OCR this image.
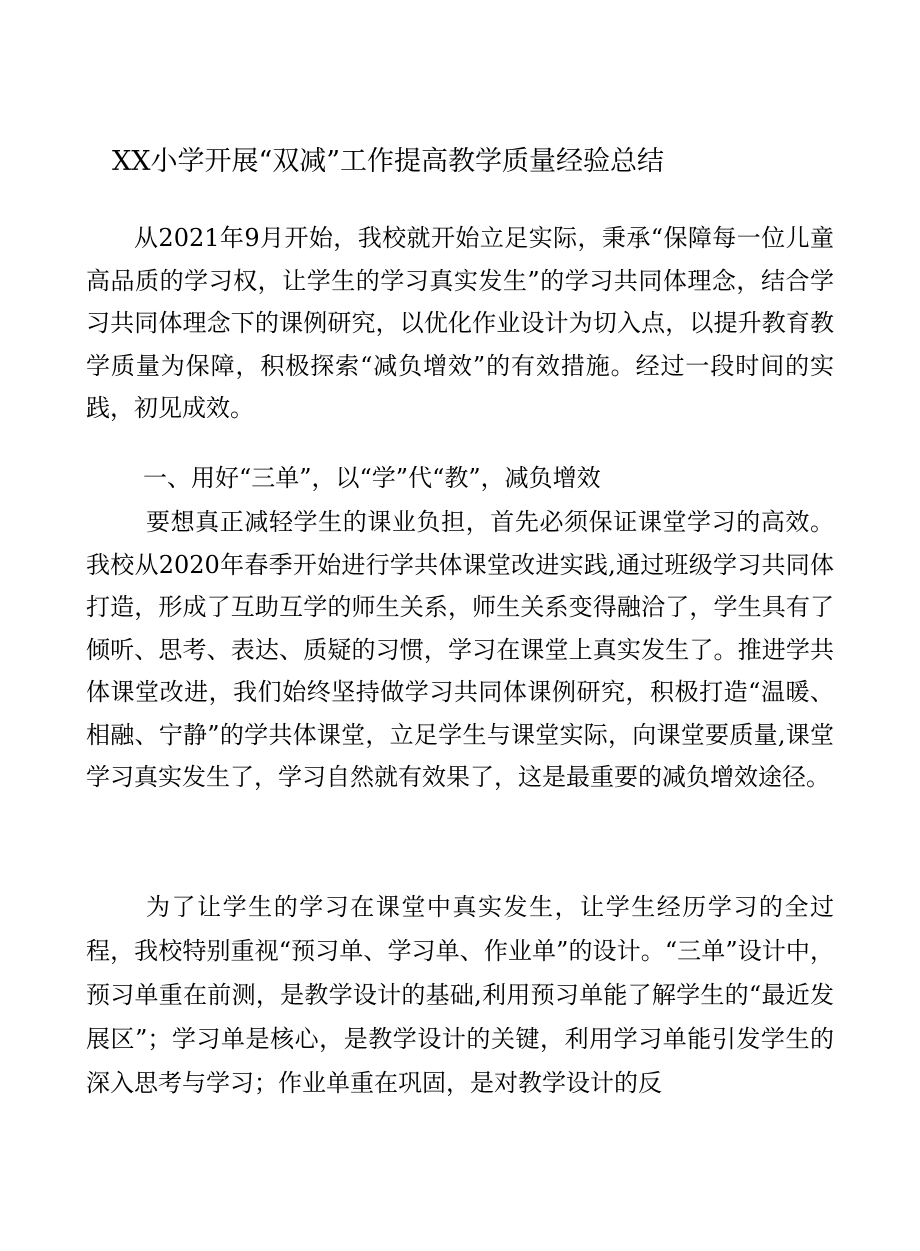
XX小学开展“双减”工作提高教学质量经验总结
从2021年9月开始，我校就开始立足实际，秉承“保障每一位儿童高品质的学习权，让学生的学习真实发生”的学习共同体理念，结合学习共同体理念下的课例研究，以优化作业设计为切入点，以提升教育教学质量为保障，积极探索“减负增效”的有效措施。经过一段时间的实践，初见成效。
一、用好“三单”，以“学”代“教”，减负增效
要想真正减轻学生的课业负担，首先必须保证课堂学习的高效。我校从2020年春季开始进行学共体课堂改进实践,通过班级学习共同体打造，形成了互助互学的师生关系，师生关系变得融洽了，学生具有了倾听、思考、表达、质疑的习惯，学习在课堂上真实发生了。推进学共体课堂改进，我们始终坚持做学习共同体课例研究，积极打造“温暖、相融、宁静”的学共体课堂，立足学生与课堂实际，向课堂要质量,课堂学习真实发生了，学习自然就有效果了，这是最重要的减负增效途径。
为了让学生的学习在课堂中真实发生，让学生经历学习的全过程，我校特别重视“预习单、学习单、作业单”的设计。“三单”设计中，预习单重在前测，是教学设计的基础,利用预习单能了解学生的“最近发展区”；学习单是核心，是教学设计的关键，利用学习单能引发学生的深入思考与学习；作业单重在巩固，是对教学设计的反
